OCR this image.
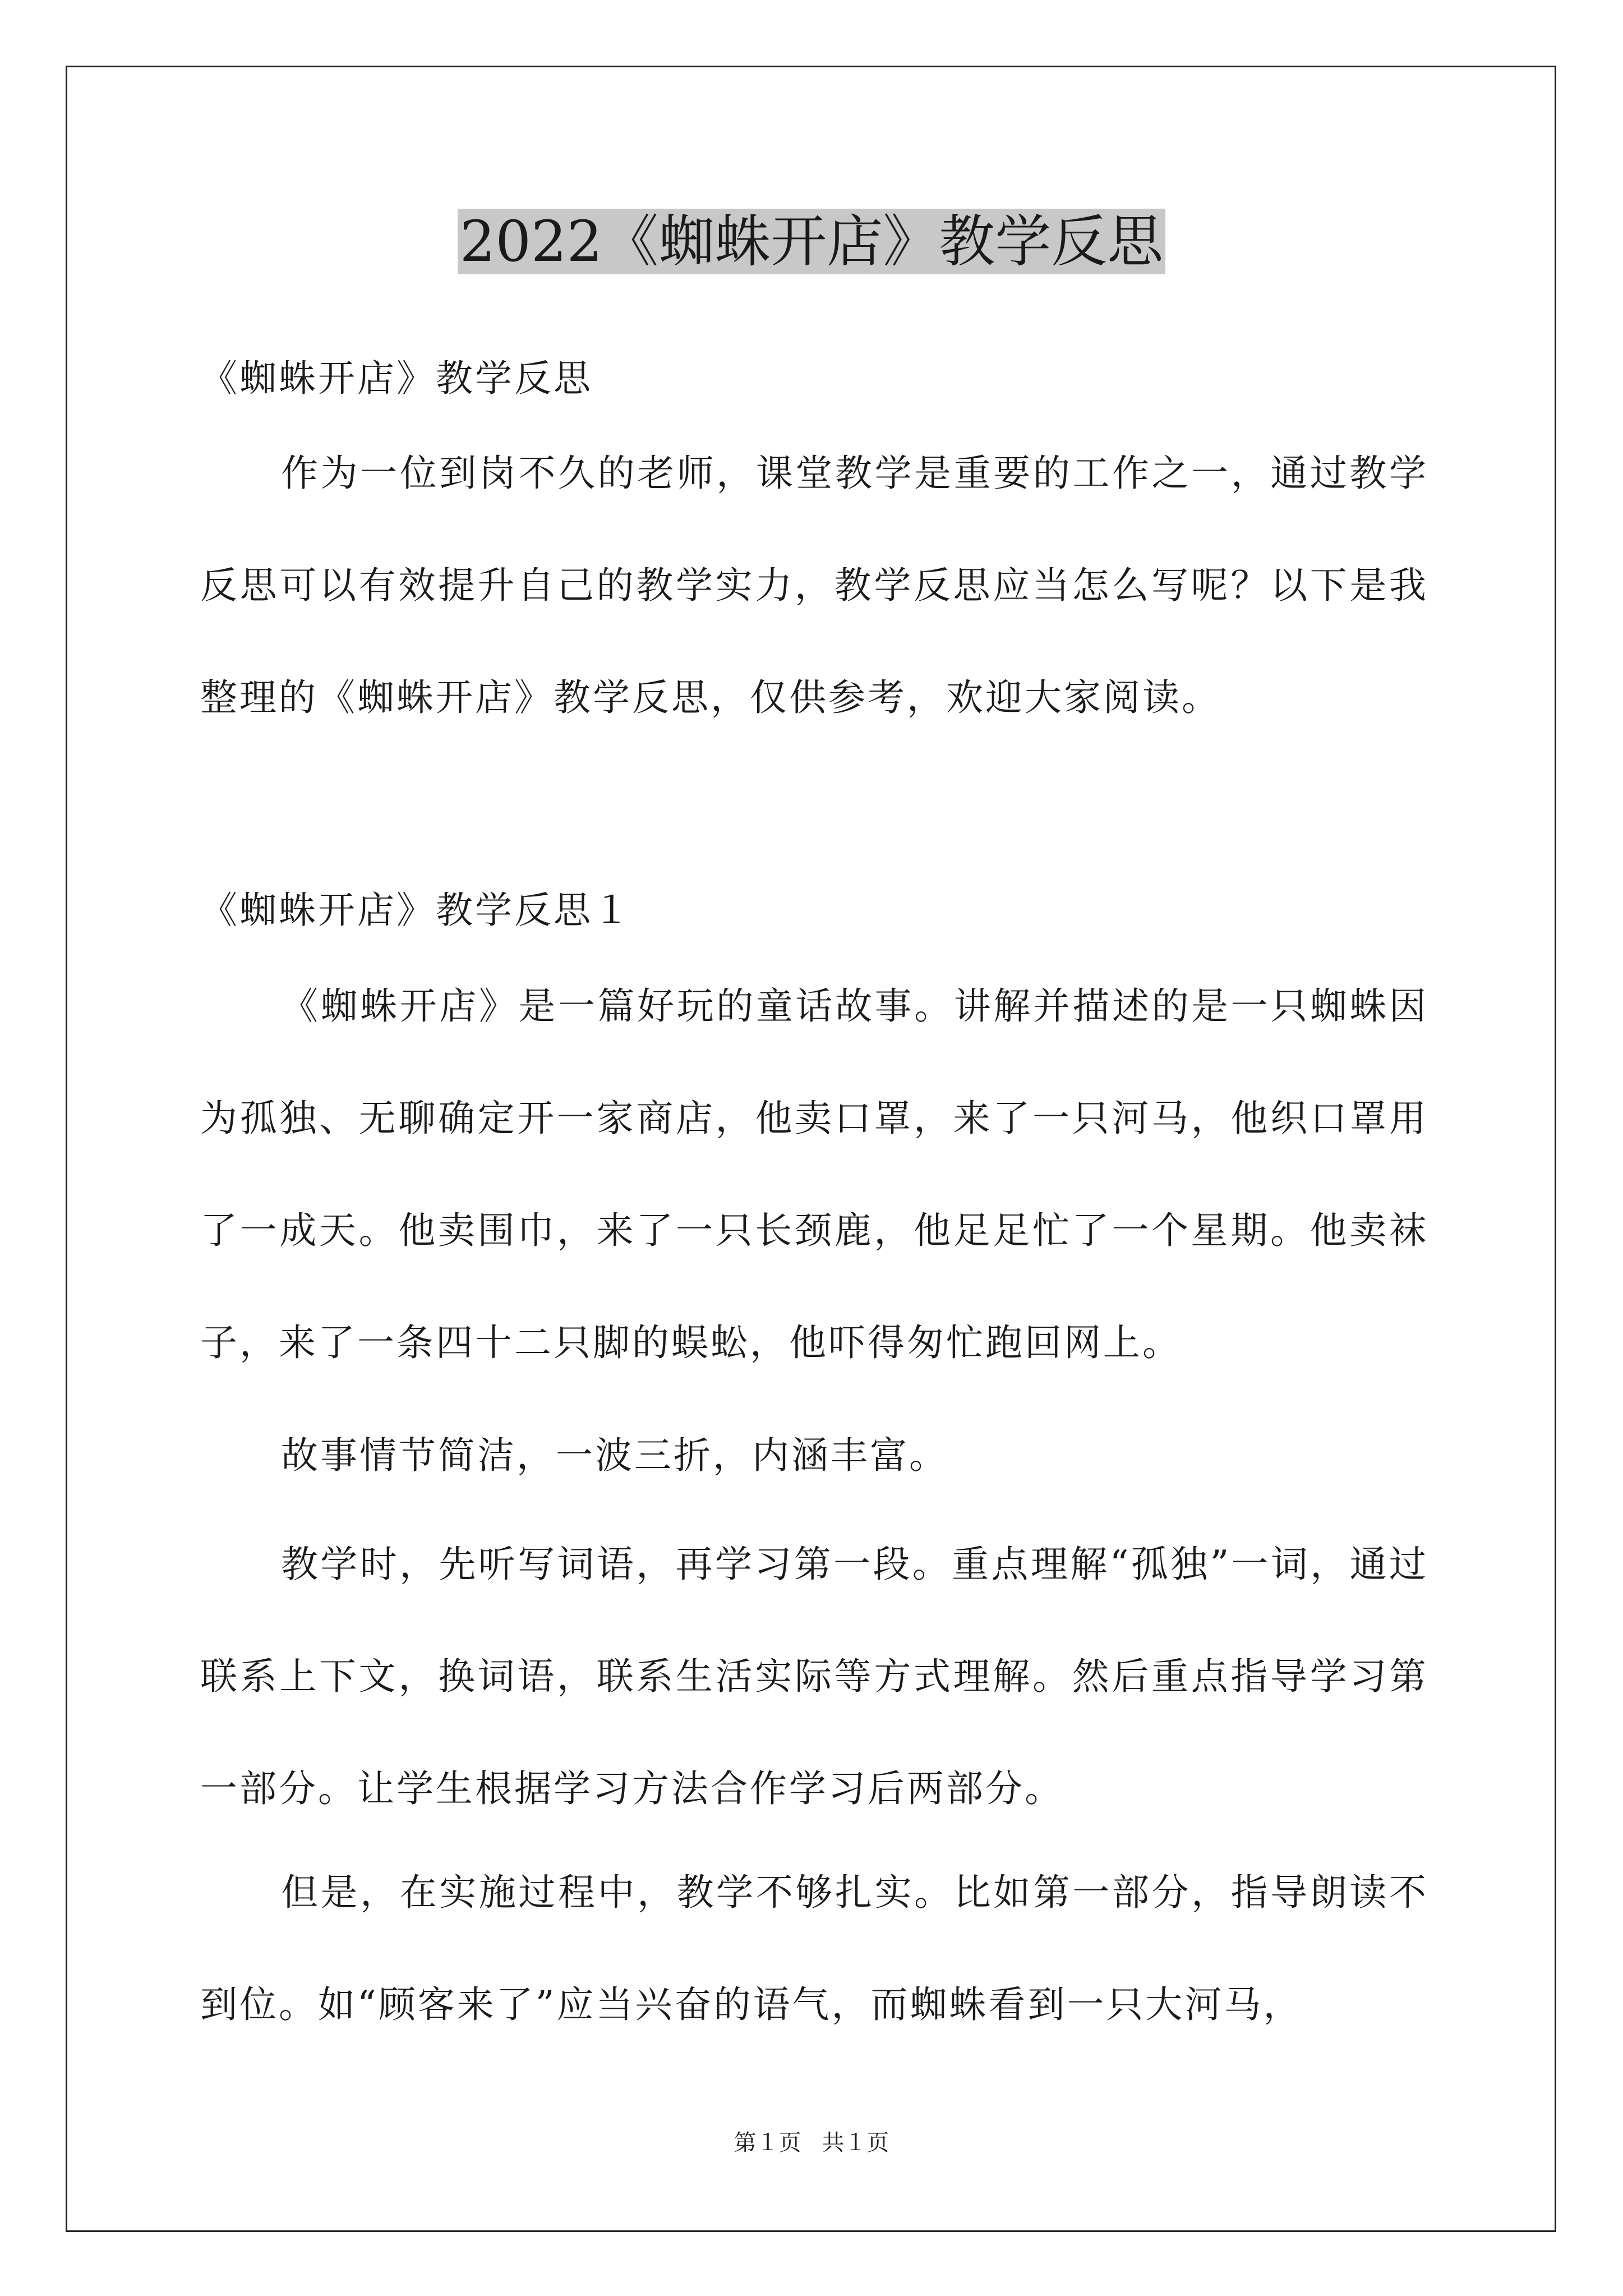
2022《蜘蛛开店》教学反思

《蜘蛛开店》教学反思

作为一位到岗不久的老师，课堂教学是重要的工作之一，通过教学反思可以有效提升自己的教学实力，教学反思应当怎么写呢？以下是我整理的《蜘蛛开店》教学反思，仅供参考，欢迎大家阅读。

《蜘蛛开店》教学反思１

《蜘蛛开店》是一篇好玩的童话故事。讲解并描述的是一只蜘蛛因为孤独、无聊确定开一家商店，他卖口罩，来了一只河马，他织口罩用了一成天。他卖围巾，来了一只长颈鹿，他足足忙了一个星期。他卖袜子，来了一条四十二只脚的蜈蚣，他吓得匆忙跑回网上。

故事情节简洁，一波三折，内涵丰富。

教学时，先听写词语，再学习第一段。重点理解“孤独”一词，通过联系上下文，换词语，联系生活实际等方式理解。然后重点指导学习第一部分。让学生根据学习方法合作学习后两部分。

但是，在实施过程中，教学不够扎实。比如第一部分，指导朗读不到位。如“顾客来了”应当兴奋的语气，而蜘蛛看到一只大河马，

第１页 共１页
